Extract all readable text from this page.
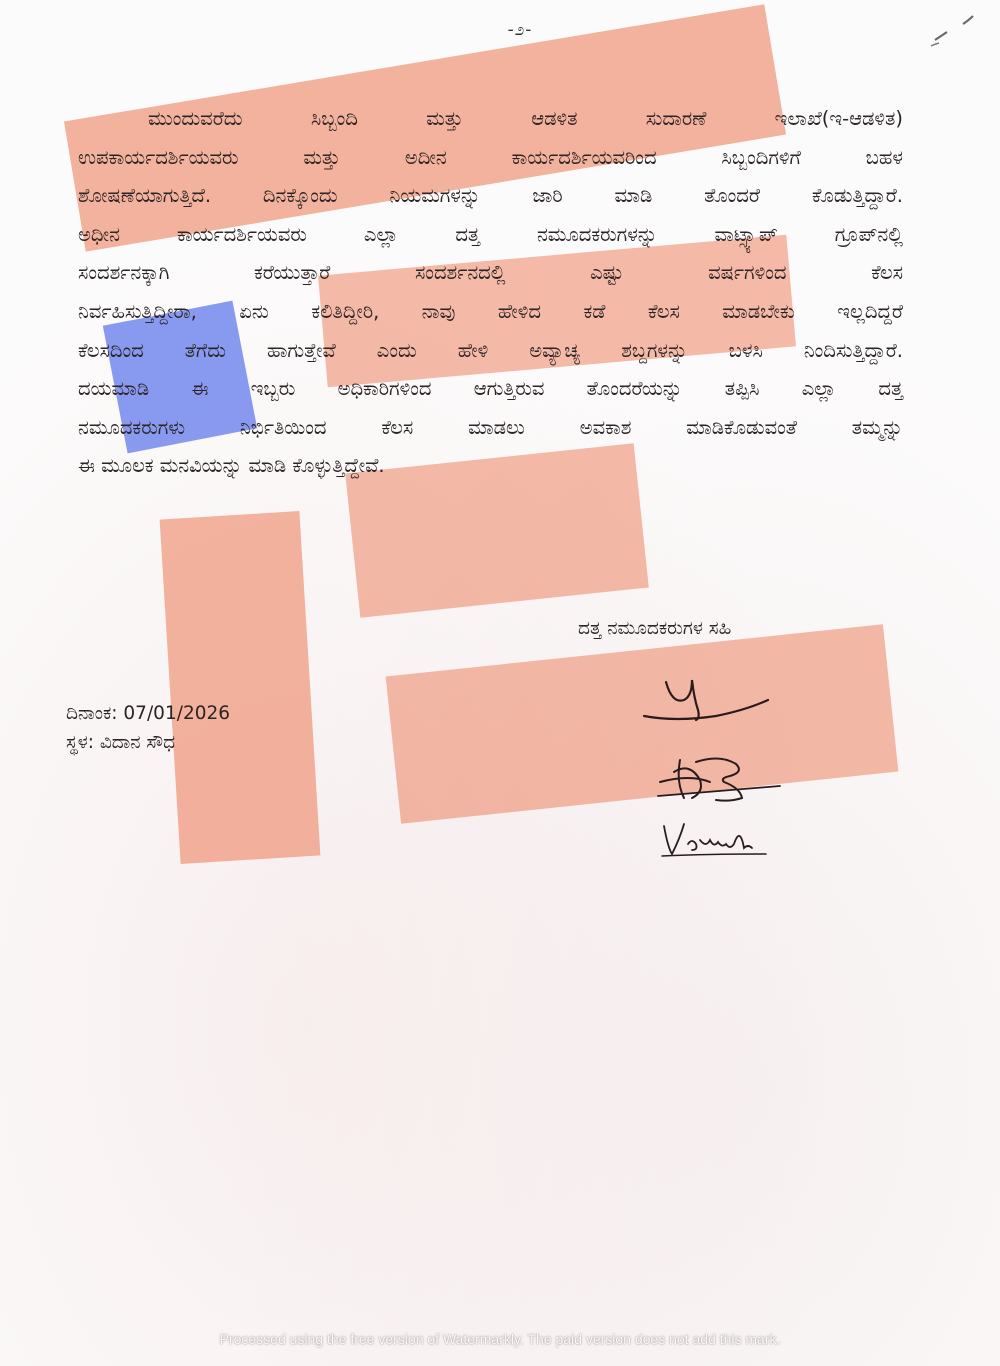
-೨-
ಮುಂದುವರೆದು ಸಿಬ್ಬಂದಿ ಮತ್ತು ಆಡಳಿತ ಸುದಾರಣೆ ಇಲಾಖೆ(ಇ-ಆಡಳಿತ)
ಉಪಕಾರ್ಯದರ್ಶಿಯವರು ಮತ್ತು ಅದೀನ ಕಾರ್ಯದರ್ಶಿಯವರಿಂದ ಸಿಬ್ಬಂದಿಗಳಿಗೆ ಬಹಳ
ಶೋಷಣೆಯಾಗುತ್ತಿದೆ. ದಿನಕ್ಕೊಂದು ನಿಯಮಗಳನ್ನು ಜಾರಿ ಮಾಡಿ ತೊಂದರೆ ಕೊಡುತ್ತಿದ್ದಾರೆ.
ಅಧೀನ ಕಾರ್ಯದರ್ಶಿಯವರು ಎಲ್ಲಾ ದತ್ತ ನಮೂದಕರುಗಳನ್ನು ವಾಟ್ಸ್ಯಾಪ್ ಗ್ರೂಪ್‌ನಲ್ಲಿ
ಸಂದರ್ಶನಕ್ಕಾಗಿ ಕರೆಯುತ್ತಾರೆ ಸಂದರ್ಶನದಲ್ಲಿ ಎಷ್ಟು ವರ್ಷಗಳಿಂದ ಕೆಲಸ
ನಿರ್ವಹಿಸುತ್ತಿದ್ದೀರಾ, ಏನು ಕಲಿತಿದ್ದೀರಿ, ನಾವು ಹೇಳಿದ ಕಡೆ ಕೆಲಸ ಮಾಡಬೇಕು ಇಲ್ಲದಿದ್ದರೆ
ಕೆಲಸದಿಂದ ತೆಗೆದು ಹಾಗುತ್ತೇವೆ ಎಂದು ಹೇಳಿ ಅವ್ಯಾಚ್ಯ ಶಬ್ದಗಳನ್ನು ಬಳಸಿ ನಿಂದಿಸುತ್ತಿದ್ದಾರೆ.
ದಯಮಾಡಿ ಈ ಇಬ್ಬರು ಅಧಿಕಾರಿಗಳಿಂದ ಆಗುತ್ತಿರುವ ತೊಂದರೆಯನ್ನು ತಪ್ಪಿಸಿ ಎಲ್ಲಾ ದತ್ತ
ನಮೂದಕರುಗಳು ನಿರ್ಭಿತಿಯಿಂದ ಕೆಲಸ ಮಾಡಲು ಅವಕಾಶ ಮಾಡಿಕೊಡುವಂತೆ ತಮ್ಮನ್ನು
ಈ ಮೂಲಕ ಮನವಿಯನ್ನು ಮಾಡಿ ಕೊಳ್ಳುತ್ತಿದ್ದೇವೆ.
ದತ್ತ ನಮೂದಕರುಗಳ ಸಹಿ
ದಿನಾಂಕ: 07/01/2026
ಸ್ಥಳ: ವಿದಾನ ಸೌಧ
Processed using the free version of Watermarkly. The paid version does not add this mark.
